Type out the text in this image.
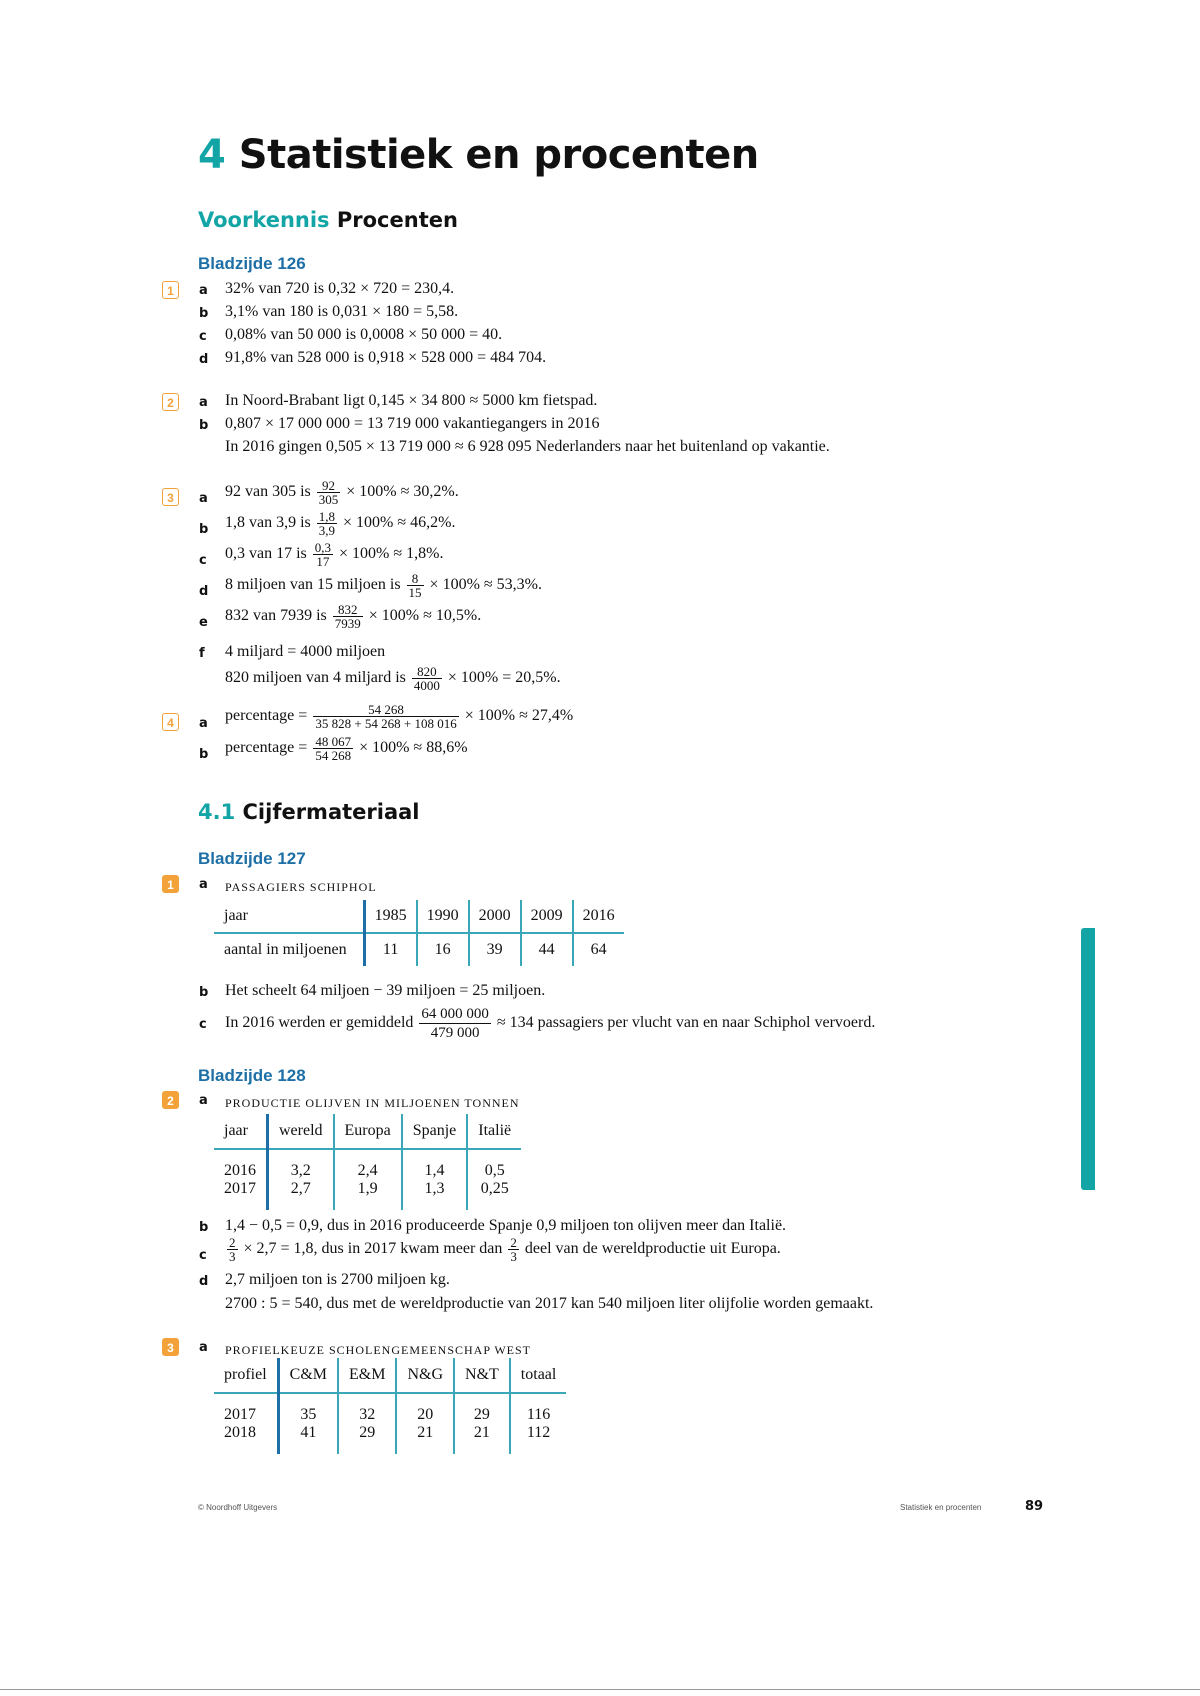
4 Statistiek en procenten
Voorkennis Procenten
Bladzijde 126
1	a 32% van 720 is 0,32 × 720 = 230,4.
b 3,1% van 180 is 0,031 × 180 = 5,58.
c 0,08% van 50 000 is 0,0008 × 50 000 = 40.
d 91,8% van 528 000 is 0,918 × 528 000 = 484 704.
2	a In Noord-Brabant ligt 0,145 × 34 800 ≈ 5000 km fietspad.
b 0,807 × 17 000 000 = 13 719 000 vakantiegangers in 2016
In 2016 gingen 0,505 × 13 719 000 ≈ 6 928 095 Nederlanders naar het buitenland op vakantie.
3	a 92 van 305 is $\frac{92}{305} \times 100\% \approx 30,2\%$.
b 1,8 van 3,9 is $\frac{1,8}{3,9} \times 100\% \approx 46,2\%$.
c 0,3 van 17 is $\frac{0,3}{17} \times 100\% \approx 1,8\%$.
d 8 miljoen van 15 miljoen is $\frac{8}{15} \times 100\% \approx 53,3\%$.
e 832 van 7939 is $\frac{832}{7939} \times 100\% \approx 10,5\%$.
f 4 miljard = 4000 miljoen
820 miljoen van 4 miljard is $\frac{820}{4000} \times 100\% = 20,5\%$.
4	a percentage = $\frac{54 268}{35 828 + 54 268 + 108 016} \times 100\% \approx 27,4\%$
b percentage = $\frac{48 067}{54 268} \times 100\% \approx 88,6\%$
4.1 Cijfermateriaal
Bladzijde 127
1	a PASSAGIERS SCHIPHOL
jaar	1985	1990	2000	2009	2016
aantal in miljoenen	11	16	39	44	64
b Het scheelt 64 miljoen − 39 miljoen = 25 miljoen.
c In 2016 werden er gemiddeld $\frac{64 000 000}{479 000} \approx 134$ passagiers per vlucht van en naar Schiphol vervoerd.
Bladzijde 128
2	a PRODUCTIE OLIJVEN IN MILJOENEN TONNEN
jaar	wereld	Europa	Spanje	Italië
2016	3,2	2,4	1,4	0,5
2017	2,7	1,9	1,3	0,25
b 1,4 − 0,5 = 0,9, dus in 2016 produceerde Spanje 0,9 miljoen ton olijven meer dan Italië.
c $\frac{2}{3} \times 2,7 = 1,8$, dus in 2017 kwam meer dan $\frac{2}{3}$ deel van de wereldproductie uit Europa.
d 2,7 miljoen ton is 2700 miljoen kg.
2700 : 5 = 540, dus met de wereldproductie van 2017 kan 540 miljoen liter olijfolie worden gemaakt.
3	a PROFIELKEUZE SCHOLENGEMEENSCHAP WEST
profiel	C&M	E&M	N&G	N&T	totaal
2017	35	32	20	29	116
2018	41	29	21	21	112
© Noordhoff Uitgevers	Statistiek en procenten	89
